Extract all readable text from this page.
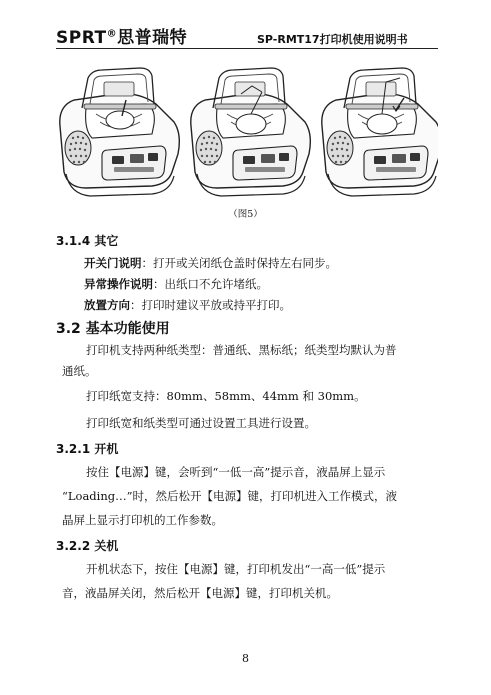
SPRT®思普瑞特	SP-RMT17打印机使用说明书
（图5）
3.1.4 其它
开关门说明：打开或关闭纸仓盖时保持左右同步。
异常操作说明：出纸口不允许堵纸。
放置方向：打印时建议平放或持平打印。
3.2 基本功能使用
打印机支持两种纸类型：普通纸、黑标纸；纸类型均默认为普
通纸。
打印纸宽支持：80mm、58mm、44mm 和 30mm。
打印纸宽和纸类型可通过设置工具进行设置。
3.2.1 开机
按住【电源】键，会听到“一低一高”提示音，液晶屏上显示
“Loading…”时，然后松开【电源】键，打印机进入工作模式，液
晶屏上显示打印机的工作参数。
3.2.2 关机
开机状态下，按住【电源】键，打印机发出“一高一低”提示
音，液晶屏关闭，然后松开【电源】键，打印机关机。
8
